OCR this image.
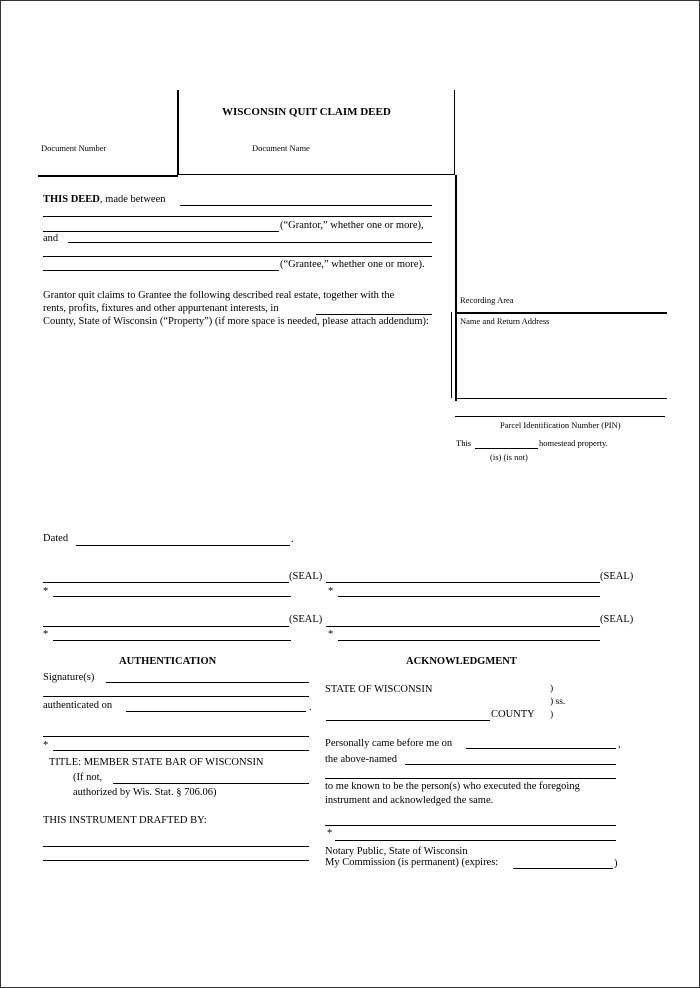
WISCONSIN QUIT CLAIM DEED
Document Number	Document Name
Recording Area
Name and Return Address
Parcel Identification Number (PIN)
This	homestead property.
(is) (is not)
THIS DEED, made between
(“Grantor,” whether one or more),
and
(“Grantee,” whether one or more).
Grantor quit claims to Grantee the following described real estate, together with the
rents, profits, fixtures and other appurtenant interests, in
County, State of Wisconsin (“Property”) (if more space is needed, please attach addendum):
Dated	.
(SEAL)	(SEAL)
*	*
(SEAL)	(SEAL)
*	*
AUTHENTICATION
Signature(s)
authenticated on	.
*
TITLE: MEMBER STATE BAR OF WISCONSIN
(If not,
authorized by Wis. Stat. § 706.06)
THIS INSTRUMENT DRAFTED BY:
ACKNOWLEDGMENT
STATE OF WISCONSIN	)
) ss.
COUNTY )
Personally came before me on	,
the above-named
to me known to be the person(s) who executed the foregoing
instrument and acknowledged the same.
*
Notary Public, State of Wisconsin
My Commission (is permanent) (expires:	)
